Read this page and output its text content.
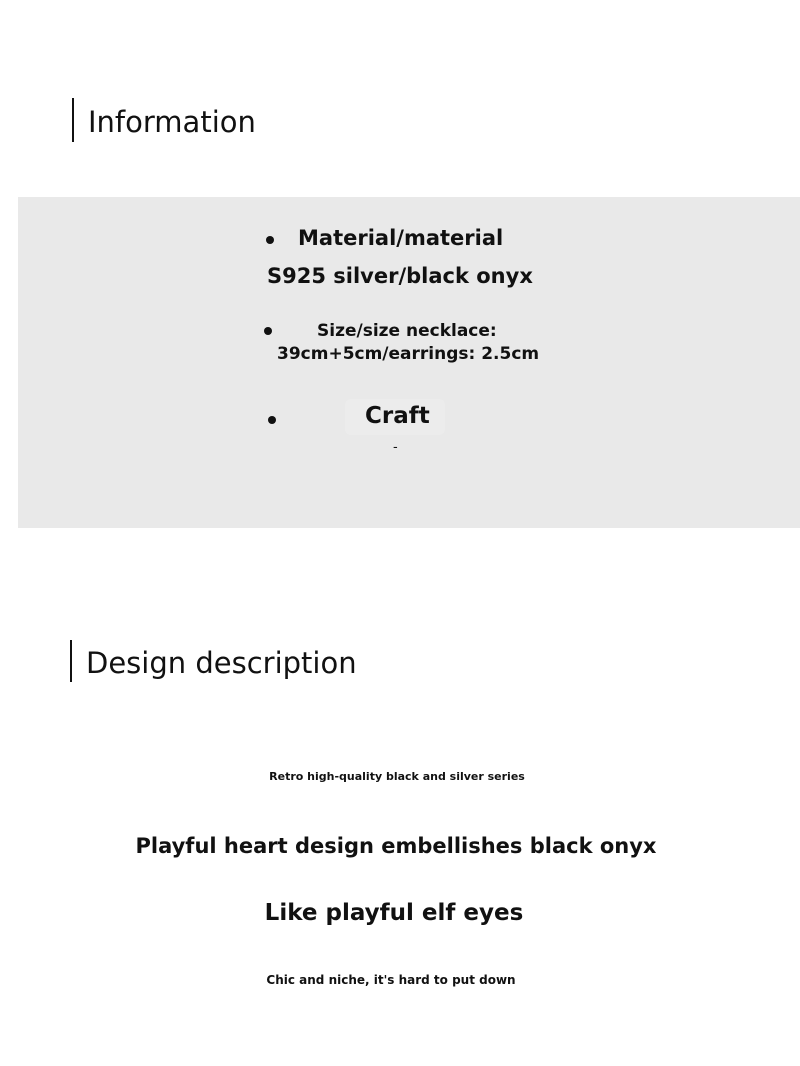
Information
Material/material
S925 silver/black onyx
Size/size necklace:
39cm+5cm/earrings: 2.5cm
Craft
-
Design description
Retro high-quality black and silver series
Playful heart design embellishes black onyx
Like playful elf eyes
Chic and niche, it's hard to put down
